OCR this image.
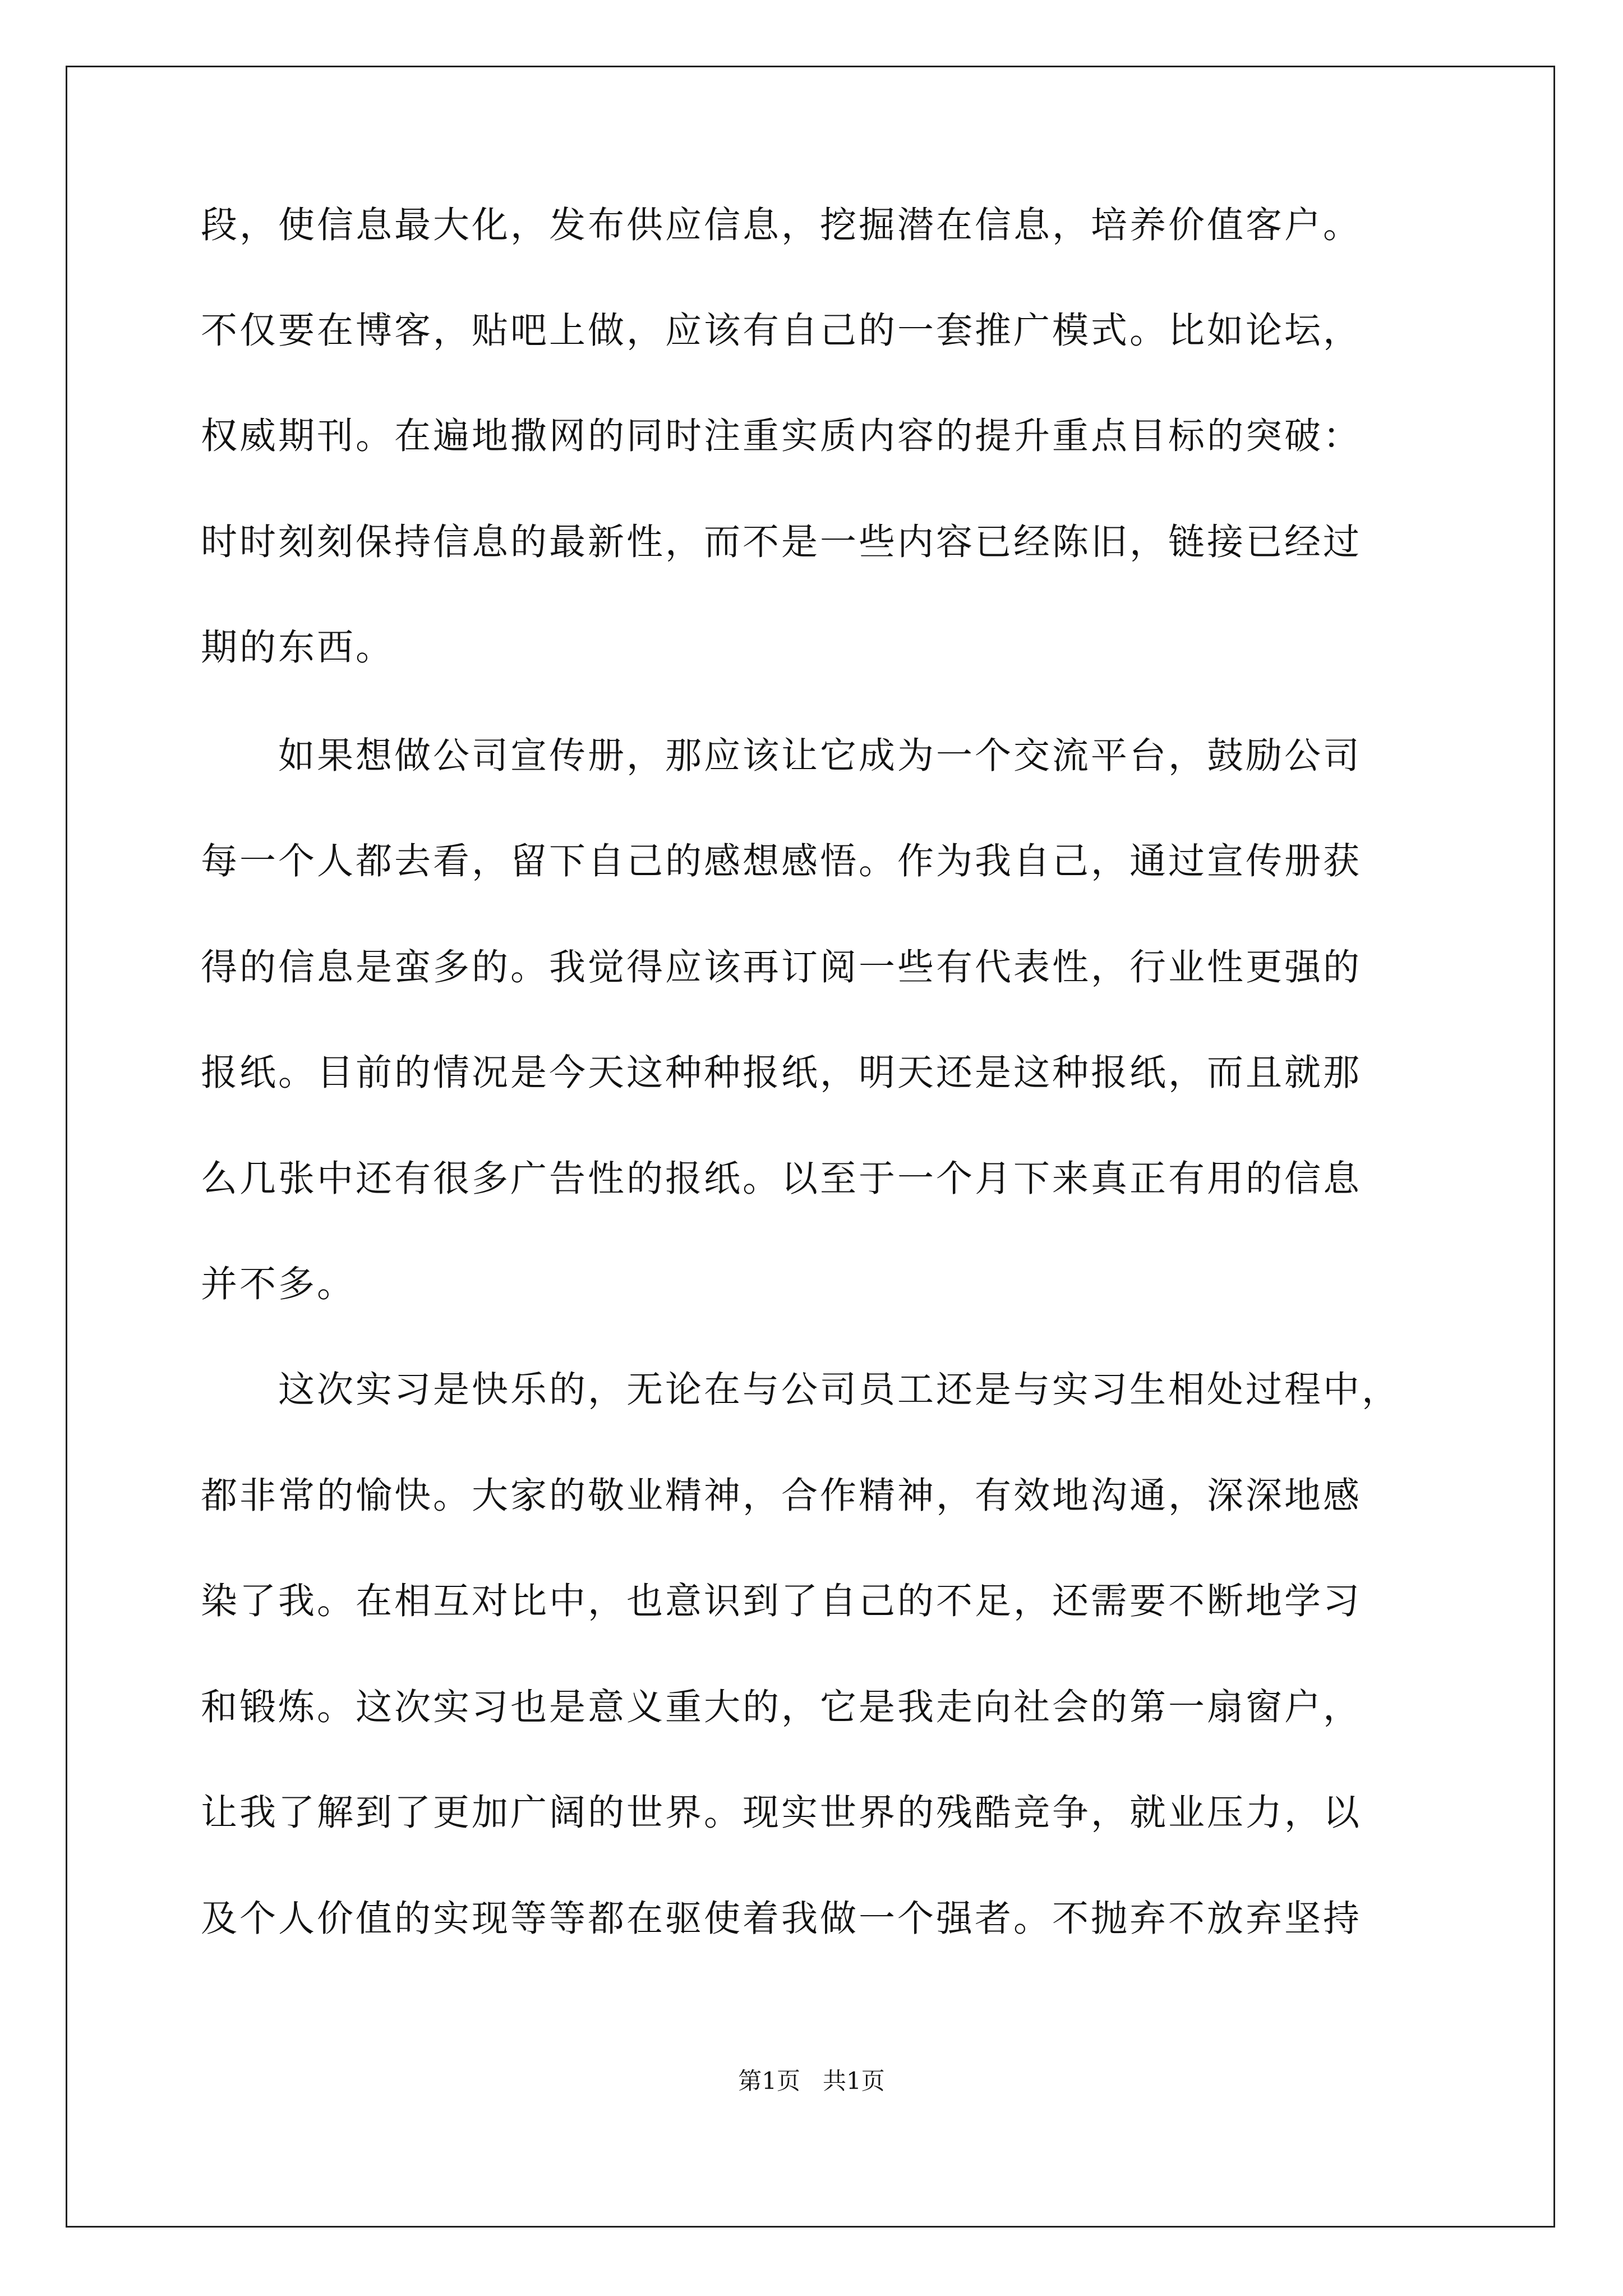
段，使信息最大化，发布供应信息，挖掘潜在信息，培养价值客户。
不仅要在博客，贴吧上做，应该有自己的一套推广模式。比如论坛，
权威期刊。在遍地撒网的同时注重实质内容的提升重点目标的突破：
时时刻刻保持信息的最新性，而不是一些内容已经陈旧，链接已经过
期的东西。
如果想做公司宣传册，那应该让它成为一个交流平台，鼓励公司
每一个人都去看，留下自己的感想感悟。作为我自己，通过宣传册获
得的信息是蛮多的。我觉得应该再订阅一些有代表性，行业性更强的
报纸。目前的情况是今天这种种报纸，明天还是这种报纸，而且就那
么几张中还有很多广告性的报纸。以至于一个月下来真正有用的信息
并不多。
这次实习是快乐的，无论在与公司员工还是与实习生相处过程中，
都非常的愉快。大家的敬业精神，合作精神，有效地沟通，深深地感
染了我。在相互对比中，也意识到了自己的不足，还需要不断地学习
和锻炼。这次实习也是意义重大的，它是我走向社会的第一扇窗户，
让我了解到了更加广阔的世界。现实世界的残酷竞争，就业压力，以
及个人价值的实现等等都在驱使着我做一个强者。不抛弃不放弃坚持
第1页   共1页
